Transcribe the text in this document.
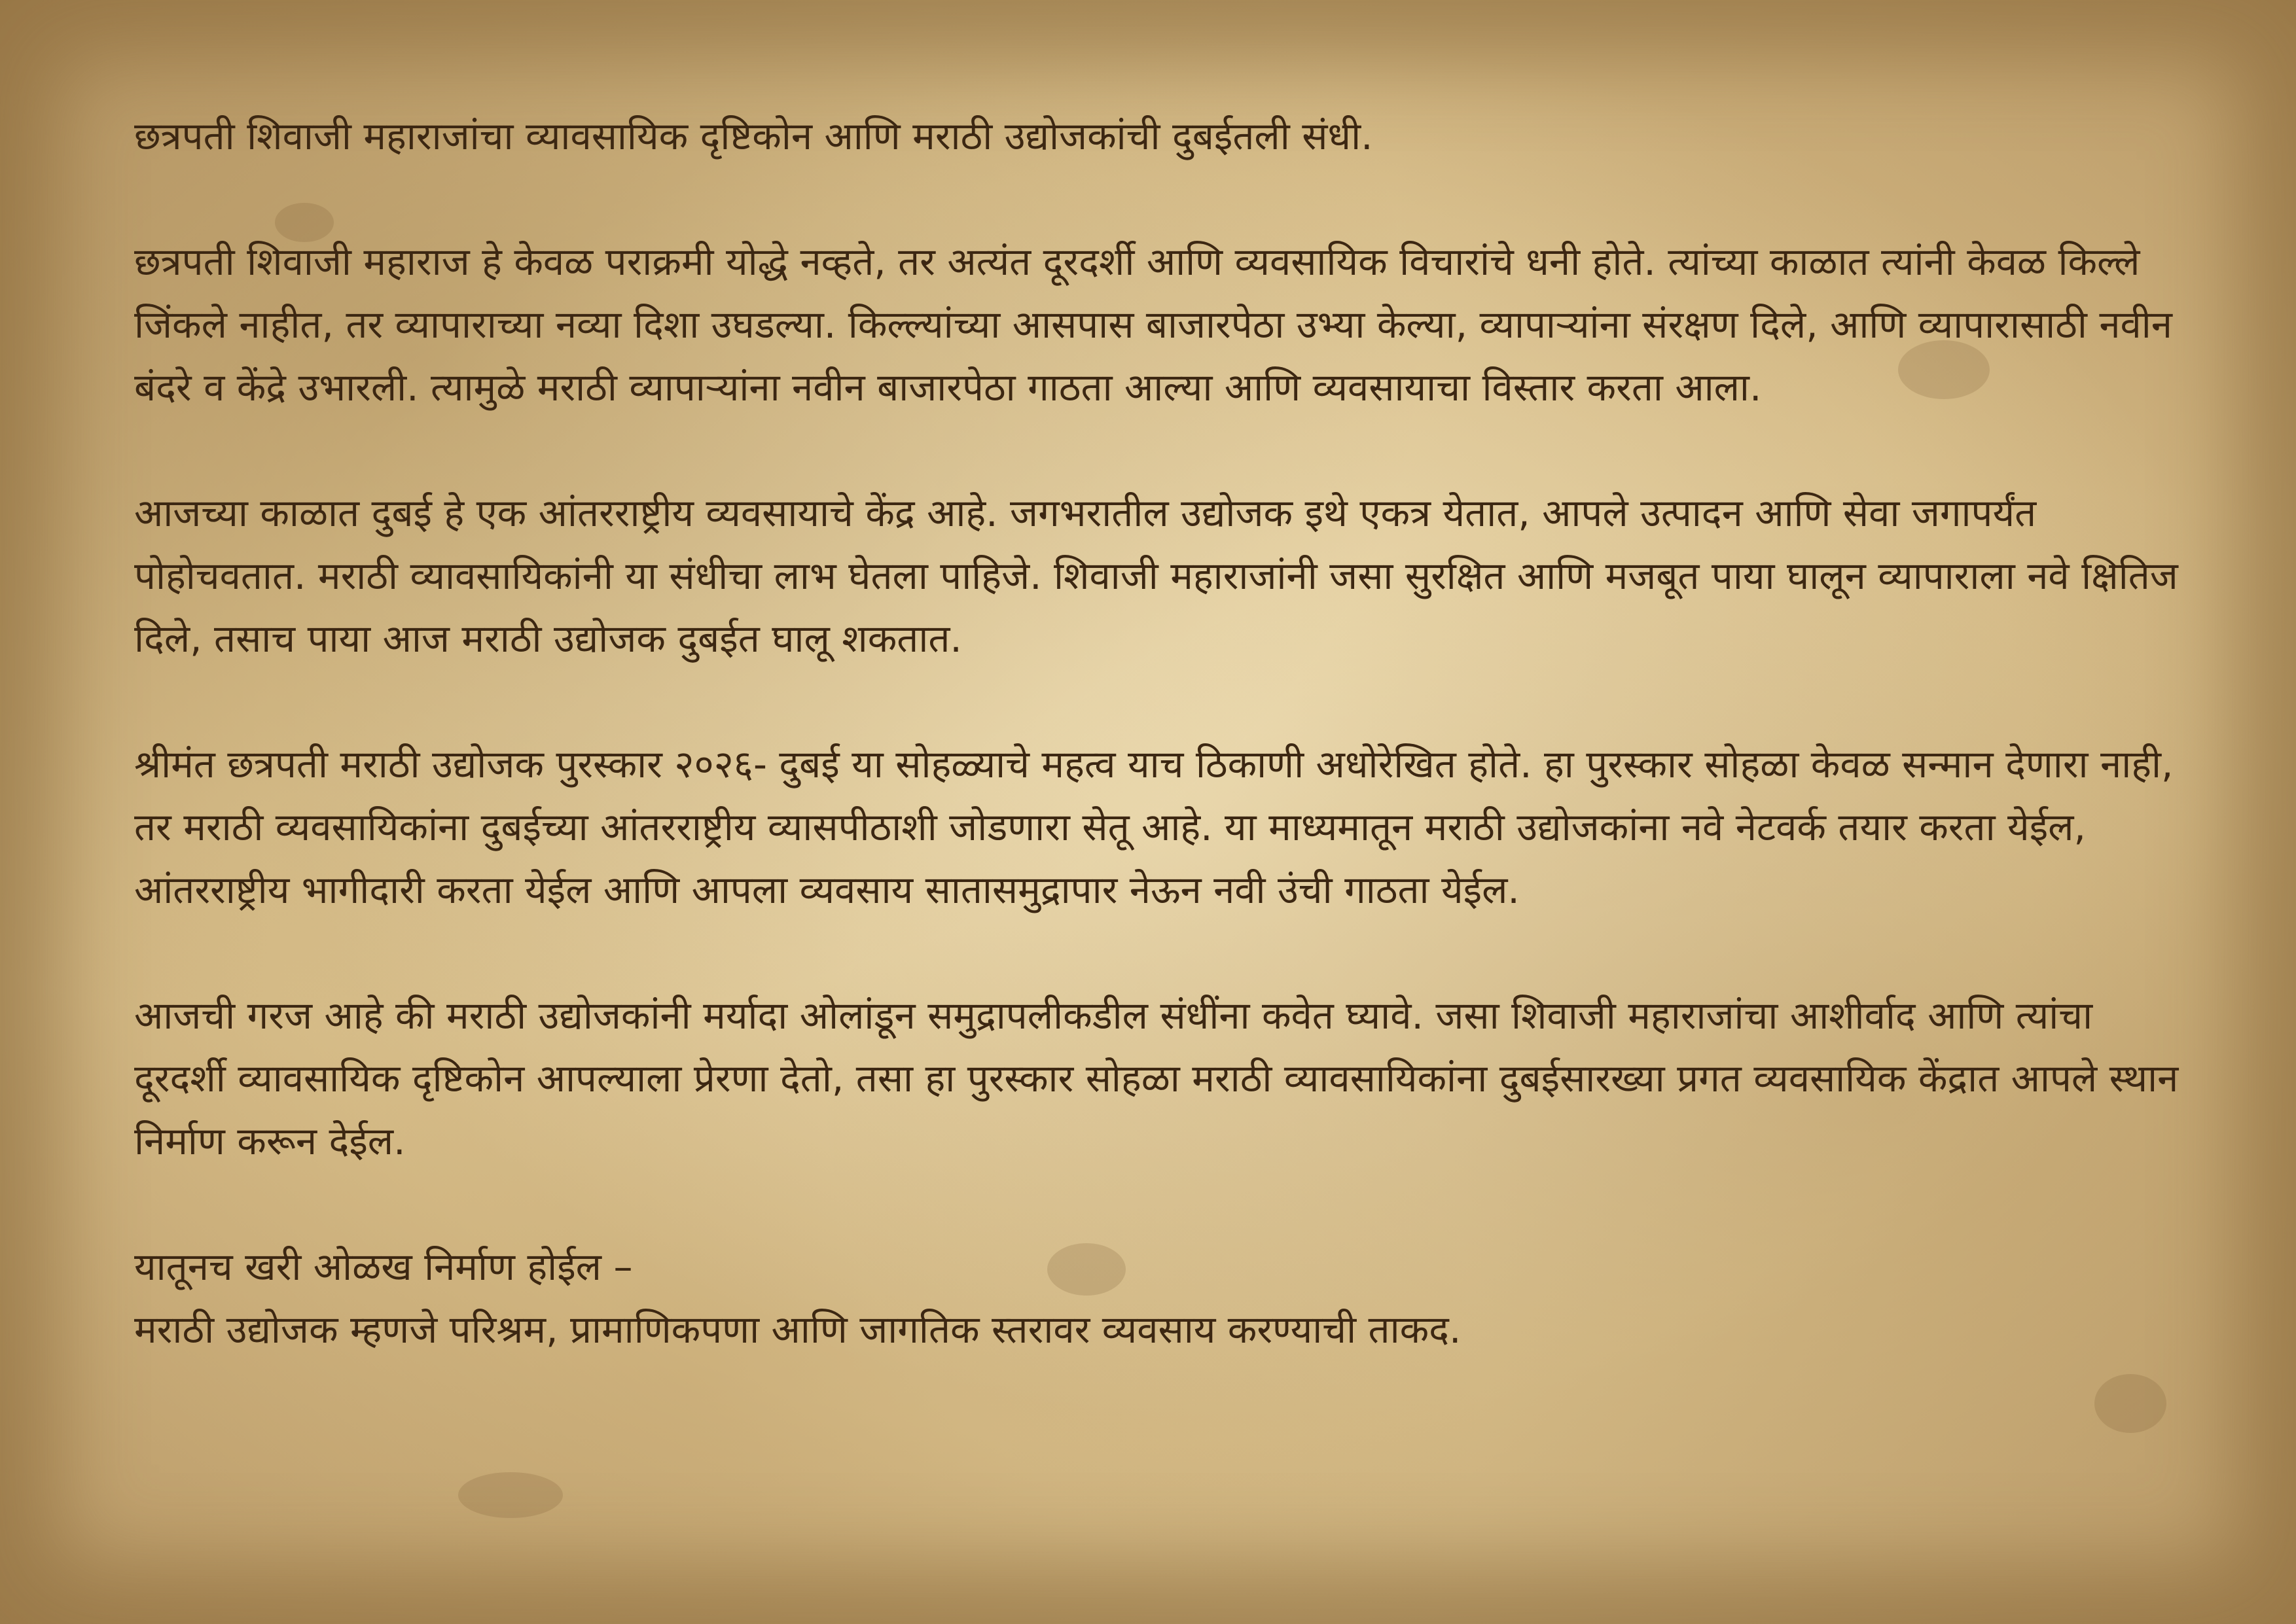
छत्रपती शिवाजी महाराजांचा व्यावसायिक दृष्टिकोन आणि मराठी उद्योजकांची दुबईतली संधी.

छत्रपती शिवाजी महाराज हे केवळ पराक्रमी योद्धे नव्हते, तर अत्यंत दूरदर्शी आणि व्यवसायिक विचारांचे धनी होते. त्यांच्या काळात त्यांनी केवळ किल्ले जिंकले नाहीत, तर व्यापाराच्या नव्या दिशा उघडल्या. किल्ल्यांच्या आसपास बाजारपेठा उभ्या केल्या, व्यापाऱ्यांना संरक्षण दिले, आणि व्यापारासाठी नवीन बंदरे व केंद्रे उभारली. त्यामुळे मराठी व्यापाऱ्यांना नवीन बाजारपेठा गाठता आल्या आणि व्यवसायाचा विस्तार करता आला.

आजच्या काळात दुबई हे एक आंतरराष्ट्रीय व्यवसायाचे केंद्र आहे. जगभरातील उद्योजक इथे एकत्र येतात, आपले उत्पादन आणि सेवा जगापर्यंत पोहोचवतात. मराठी व्यावसायिकांनी या संधीचा लाभ घेतला पाहिजे. शिवाजी महाराजांनी जसा सुरक्षित आणि मजबूत पाया घालून व्यापाराला नवे क्षितिज दिले, तसाच पाया आज मराठी उद्योजक दुबईत घालू शकतात.

श्रीमंत छत्रपती मराठी उद्योजक पुरस्कार २०२६- दुबई या सोहळ्याचे महत्व याच ठिकाणी अधोरेखित होते. हा पुरस्कार सोहळा केवळ सन्मान देणारा नाही, तर मराठी व्यवसायिकांना दुबईच्या आंतरराष्ट्रीय व्यासपीठाशी जोडणारा सेतू आहे. या माध्यमातून मराठी उद्योजकांना नवे नेटवर्क तयार करता येईल, आंतरराष्ट्रीय भागीदारी करता येईल आणि आपला व्यवसाय सातासमुद्रापार नेऊन नवी उंची गाठता येईल.

आजची गरज आहे की मराठी उद्योजकांनी मर्यादा ओलांडून समुद्रापलीकडील संधींना कवेत घ्यावे. जसा शिवाजी महाराजांचा आशीर्वाद आणि त्यांचा दूरदर्शी व्यावसायिक दृष्टिकोन आपल्याला प्रेरणा देतो, तसा हा पुरस्कार सोहळा मराठी व्यावसायिकांना दुबईसारख्या प्रगत व्यवसायिक केंद्रात आपले स्थान निर्माण करून देईल.

यातूनच खरी ओळख निर्माण होईल –
मराठी उद्योजक म्हणजे परिश्रम, प्रामाणिकपणा आणि जागतिक स्तरावर व्यवसाय करण्याची ताकद.
